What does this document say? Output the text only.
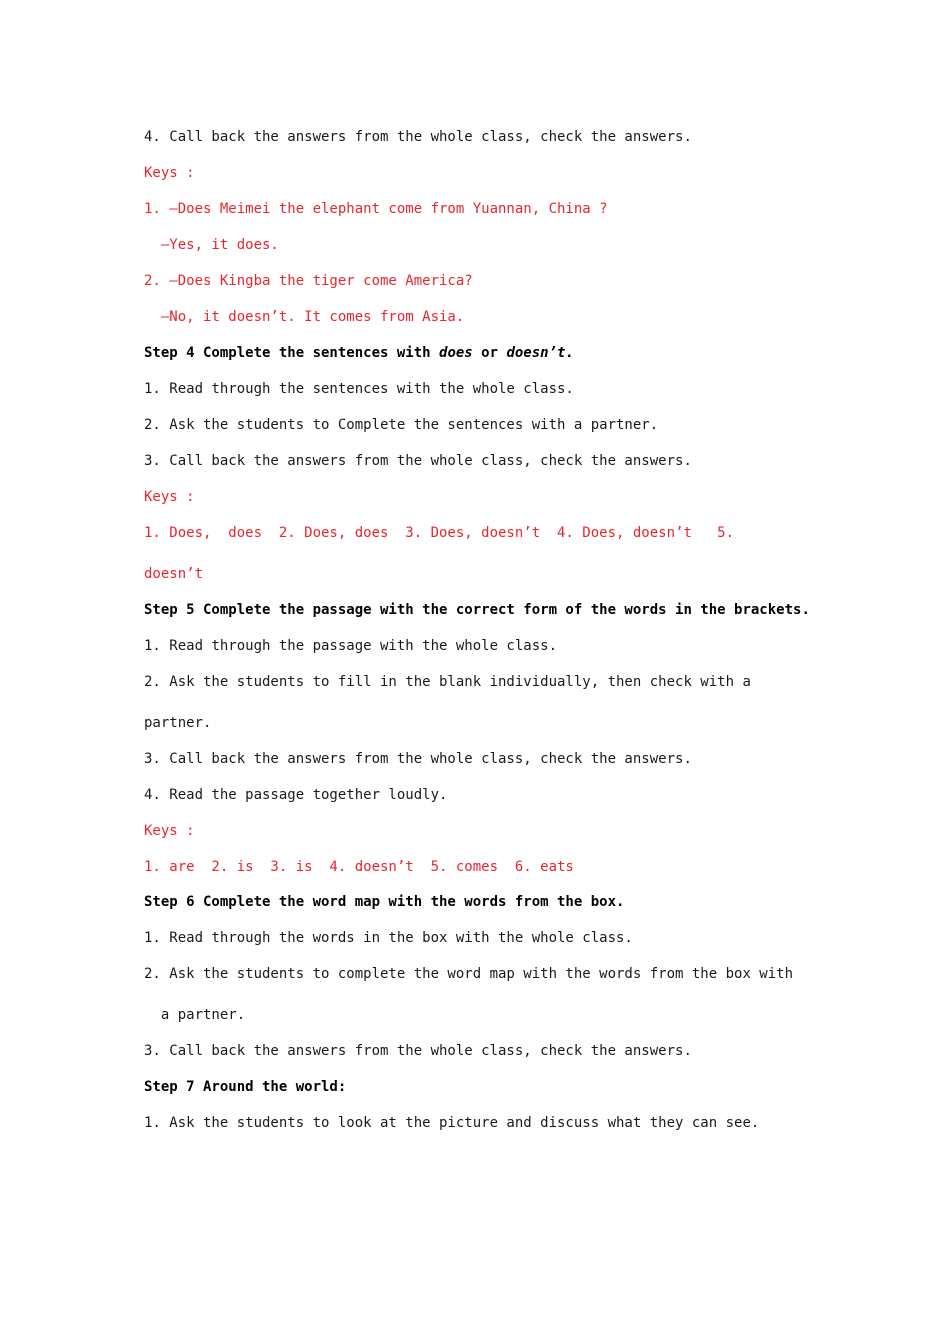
4. Call back the answers from the whole class, check the answers.
Keys :
1. —Does Meimei the elephant come from Yuannan, China ?
—Yes, it does.
2. —Does Kingba the tiger come America?
—No, it doesn’t. It comes from Asia.
Step 4 Complete the sentences with does or doesn’t.
1. Read through the sentences with the whole class.
2. Ask the students to Complete the sentences with a partner.
3. Call back the answers from the whole class, check the answers.
Keys :
1. Does,  does  2. Does, does  3. Does, doesn’t  4. Does, doesn’t   5.
doesn’t
Step 5 Complete the passage with the correct form of the words in the brackets.
1. Read through the passage with the whole class.
2. Ask the students to fill in the blank individually, then check with a
partner.
3. Call back the answers from the whole class, check the answers.
4. Read the passage together loudly.
Keys :
1. are  2. is  3. is  4. doesn’t  5. comes  6. eats
Step 6 Complete the word map with the words from the box.
1. Read through the words in the box with the whole class.
2. Ask the students to complete the word map with the words from the box with
a partner.
3. Call back the answers from the whole class, check the answers.
Step 7 Around the world:
1. Ask the students to look at the picture and discuss what they can see.
